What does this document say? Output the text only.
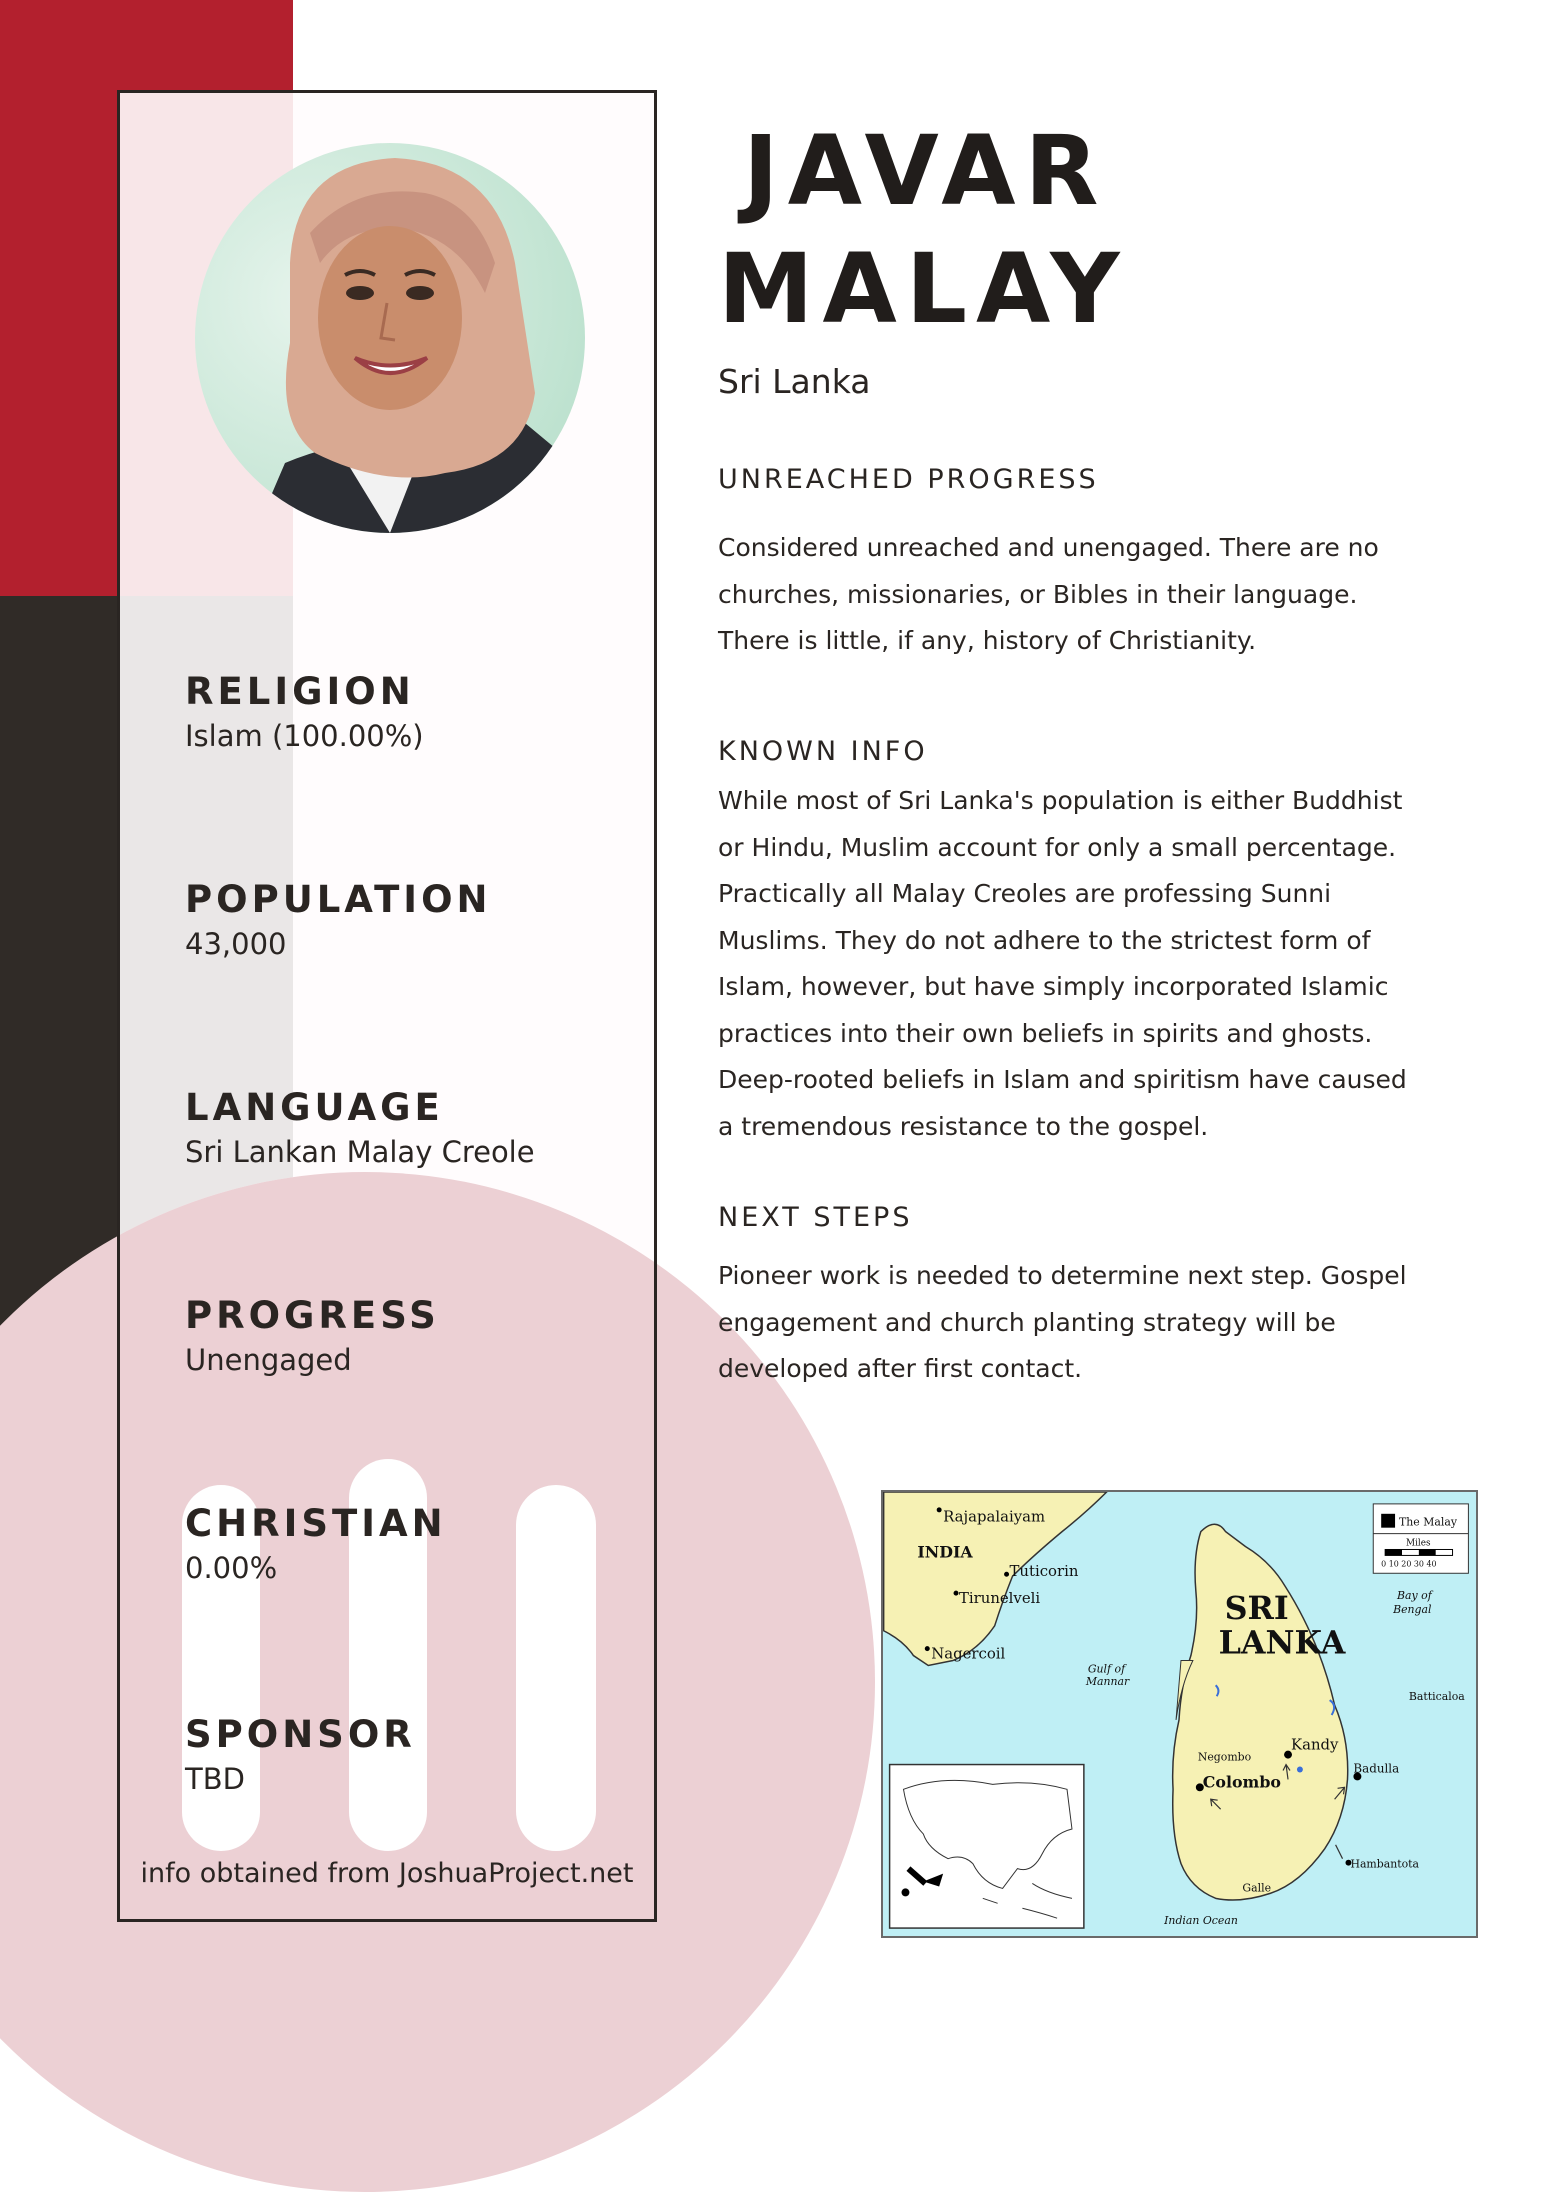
RELIGION
Islam (100.00%)
POPULATION
43,000
LANGUAGE
Sri Lankan Malay Creole
PROGRESS
Unengaged
CHRISTIAN
0.00%
SPONSOR
TBD
info obtained from JoshuaProject.net
JAVAR
MALAY
Sri Lanka
UNREACHED PROGRESS
Considered unreached and unengaged. There are no
churches, missionaries, or Bibles in their language.
There is little, if any, history of Christianity.
KNOWN INFO
While most of Sri Lanka's population is either Buddhist
or Hindu, Muslim account for only a small percentage.
Practically all Malay Creoles are professing Sunni
Muslims. They do not adhere to the strictest form of
Islam, however, but have simply incorporated Islamic
practices into their own beliefs in spirits and ghosts.
Deep-rooted beliefs in Islam and spiritism have caused
a tremendous resistance to the gospel.
NEXT STEPS
Pioneer work is needed to determine next step. Gospel
engagement and church planting strategy will be
developed after first contact.
The Malay
Miles
0 10 20 30 40
Rajapalaiyam
INDIA
Tuticorin
Tirunelveli
Nagercoil
Gulf of
Mannar
Bay of
Bengal
SRI
LANKA
Batticaloa
Negombo
Kandy
Colombo
Badulla
Hambantota
Galle
Indian Ocean
